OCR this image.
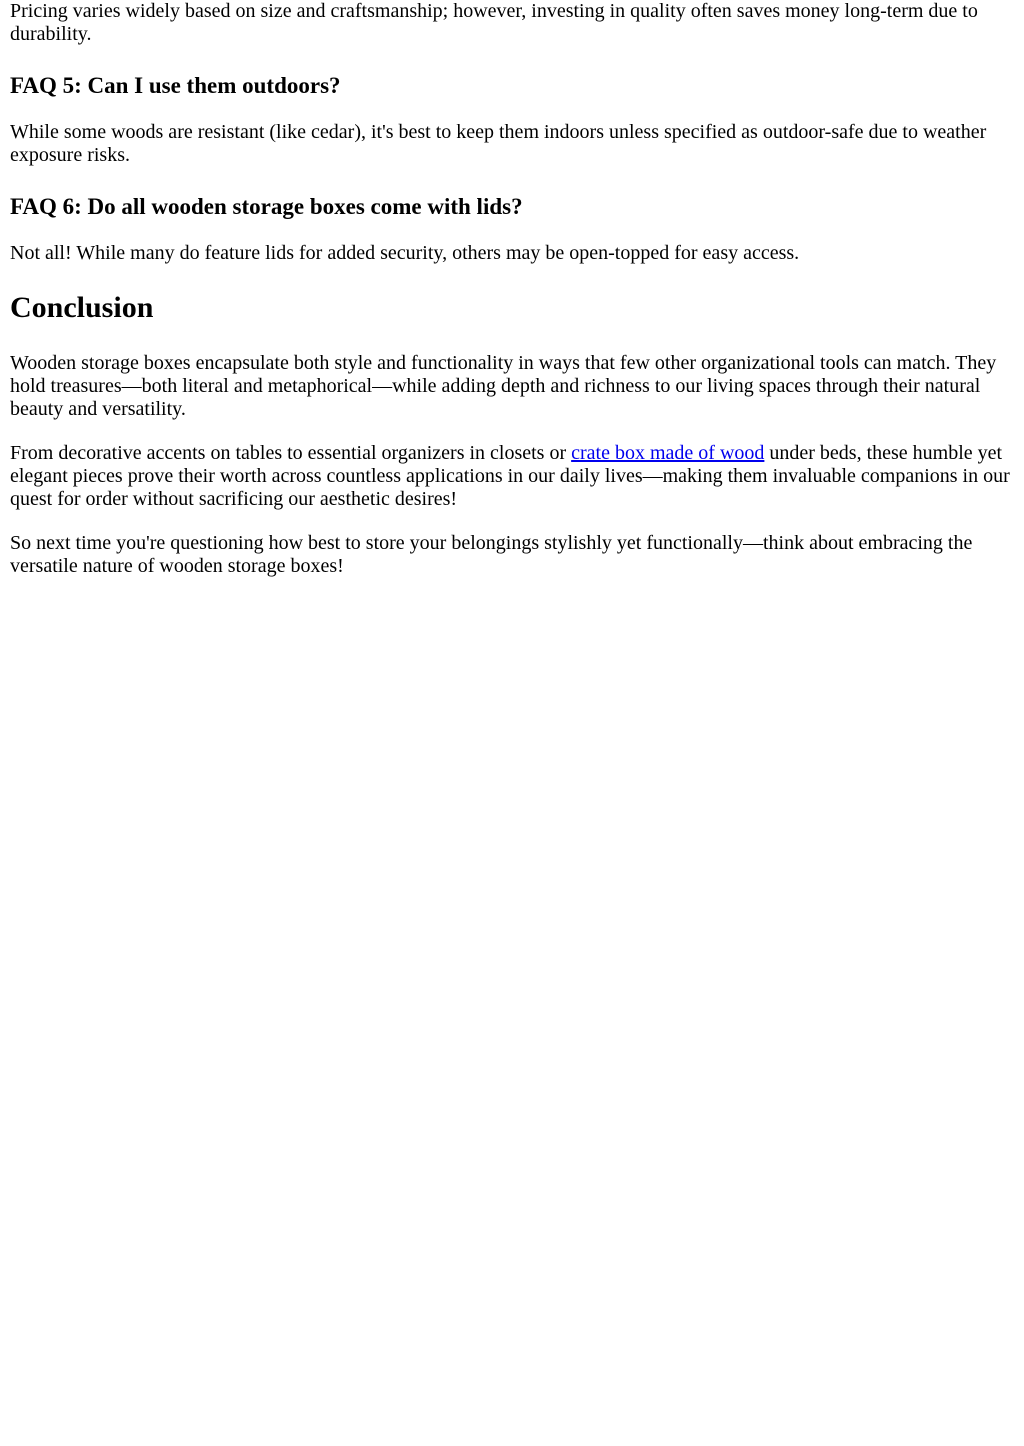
Pricing varies widely based on size and craftsmanship; however, investing in quality often saves money long-term due to durability.

FAQ 5: Can I use them outdoors?

While some woods are resistant (like cedar), it's best to keep them indoors unless specified as outdoor-safe due to weather exposure risks.

FAQ 6: Do all wooden storage boxes come with lids?

Not all! While many do feature lids for added security, others may be open-topped for easy access.

Conclusion

Wooden storage boxes encapsulate both style and functionality in ways that few other organizational tools can match. They hold treasures—both literal and metaphorical—while adding depth and richness to our living spaces through their natural beauty and versatility.

From decorative accents on tables to essential organizers in closets or crate box made of wood under beds, these humble yet elegant pieces prove their worth across countless applications in our daily lives—making them invaluable companions in our quest for order without sacrificing our aesthetic desires!

So next time you're questioning how best to store your belongings stylishly yet functionally—think about embracing the versatile nature of wooden storage boxes!
